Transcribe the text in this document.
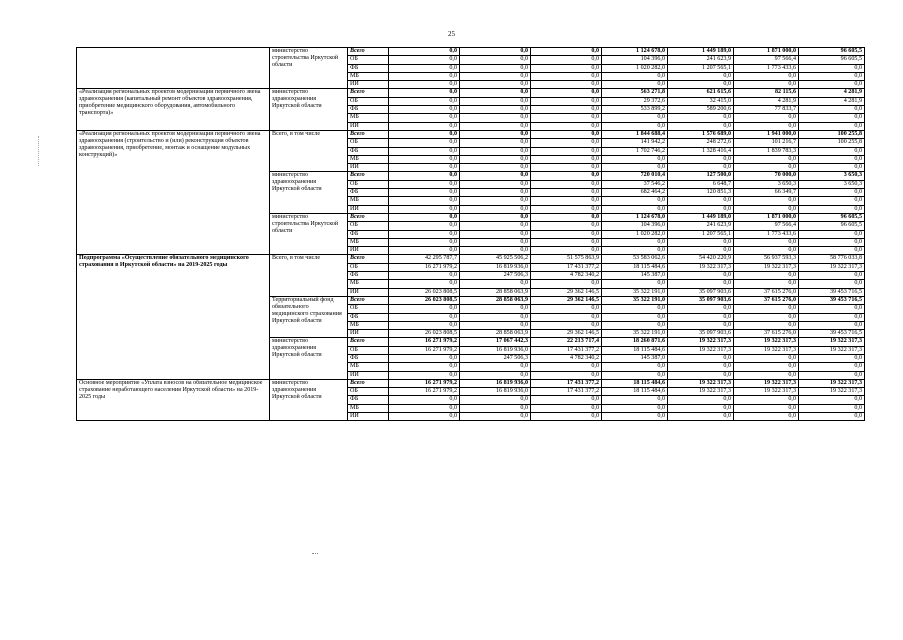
25
	министерство строительства Иркутской области	Всего	0,0	0,0	0,0	1 124 678,0	1 449 189,0	1 871 000,0	96 605,5
		ОБ	0,0	0,0	0,0	104 396,0	241 623,9	97 566,4	96 605,5
		ФБ	0,0	0,0	0,0	1 020 282,0	1 207 565,1	1 773 433,6	0,0
		МБ	0,0	0,0	0,0	0,0	0,0	0,0	0,0
		ИИ	0,0	0,0	0,0	0,0	0,0	0,0	0,0
«Реализация региональных проектов модернизации первичного звена здравоохранения (капитальный ремонт объектов здравоохранения, приобретение медицинского оборудования, автомобильного транспорта)»	министерство здравоохранения Иркутской области	Всего	0,0	0,0	0,0	563 271,8	621 615,6	82 115,6	4 281,9
		ОБ	0,0	0,0	0,0	29 372,6	32 415,0	4 281,9	4 281,9
		ФБ	0,0	0,0	0,0	533 899,2	589 200,6	77 833,7	0,0
		МБ	0,0	0,0	0,0	0,0	0,0	0,0	0,0
		ИИ	0,0	0,0	0,0	0,0	0,0	0,0	0,0
«Реализация региональных проектов модернизации первичного звена здравоохранения (строительство и (или) реконструкция объектов здравоохранения, приобретение, монтаж и оснащение модульных конструкций)»	Всего, в том числе	Всего	0,0	0,0	0,0	1 844 688,4	1 576 689,0	1 941 000,0	100 255,8
		ОБ	0,0	0,0	0,0	141 942,2	248 272,6	101 216,7	100 255,8
		ФБ	0,0	0,0	0,0	1 702 746,2	1 328 416,4	1 839 783,3	0,0
		МБ	0,0	0,0	0,0	0,0	0,0	0,0	0,0
		ИИ	0,0	0,0	0,0	0,0	0,0	0,0	0,0
	министерство здравоохранения Иркутской области	Всего	0,0	0,0	0,0	720 010,4	127 500,0	70 000,0	3 650,3
		ОБ	0,0	0,0	0,0	37 546,2	6 648,7	3 650,3	3 650,3
		ФБ	0,0	0,0	0,0	682 464,2	120 851,3	66 349,7	0,0
		МБ	0,0	0,0	0,0	0,0	0,0	0,0	0,0
		ИИ	0,0	0,0	0,0	0,0	0,0	0,0	0,0
	министерство строительства Иркутской области	Всего	0,0	0,0	0,0	1 124 678,0	1 449 189,0	1 871 000,0	96 605,5
		ОБ	0,0	0,0	0,0	104 396,0	241 623,9	97 566,4	96 605,5
		ФБ	0,0	0,0	0,0	1 020 282,0	1 207 565,1	1 773 433,6	0,0
		МБ	0,0	0,0	0,0	0,0	0,0	0,0	0,0
		ИИ	0,0	0,0	0,0	0,0	0,0	0,0	0,0
Подпрограмма «Осуществление обязательного медицинского страхования в Иркутской области» на 2019-2025 годы	Всего, в том числе	Всего	42 295 787,7	45 925 506,2	51 575 863,9	53 583 062,6	54 420 220,9	56 937 593,3	58 776 033,8
		ОБ	16 271 979,2	16 819 936,0	17 431 377,2	18 115 484,6	19 322 317,3	19 322 317,3	19 322 317,3
		ФБ	0,0	247 506,3	4 782 340,2	145 387,0	0,0	0,0	0,0
		МБ	0,0	0,0	0,0	0,0	0,0	0,0	0,0
		ИИ	26 023 808,5	28 858 063,9	29 362 146,5	35 322 191,0	35 097 903,6	37 615 276,0	39 453 716,5
	Территориальный фонд обязательного медицинского страхования Иркутской области	Всего	26 023 808,5	28 858 063,9	29 362 146,5	35 322 191,0	35 097 903,6	37 615 276,0	39 453 716,5
		ОБ	0,0	0,0	0,0	0,0	0,0	0,0	0,0
		ФБ	0,0	0,0	0,0	0,0	0,0	0,0	0,0
		МБ	0,0	0,0	0,0	0,0	0,0	0,0	0,0
		ИИ	26 023 808,5	28 858 063,9	29 362 146,5	35 322 191,0	35 097 903,6	37 615 276,0	39 453 716,5
	министерство здравоохранения Иркутской области	Всего	16 271 979,2	17 067 442,3	22 213 717,4	18 260 871,6	19 322 317,3	19 322 317,3	19 322 317,3
		ОБ	16 271 979,2	16 819 936,0	17 431 377,2	18 115 484,6	19 322 317,3	19 322 317,3	19 322 317,3
		ФБ	0,0	247 506,3	4 782 340,2	145 387,0	0,0	0,0	0,0
		МБ	0,0	0,0	0,0	0,0	0,0	0,0	0,0
		ИИ	0,0	0,0	0,0	0,0	0,0	0,0	0,0
Основное мероприятие «Уплата взносов на обязательное медицинское страхование неработающего населения Иркутской области» на 2019-2025 годы	министерство здравоохранения Иркутской области	Всего	16 271 979,2	16 819 936,0	17 431 377,2	18 115 484,6	19 322 317,3	19 322 317,3	19 322 317,3
		ОБ	16 271 979,2	16 819 936,0	17 431 377,2	18 115 484,6	19 322 317,3	19 322 317,3	19 322 317,3
		ФБ	0,0	0,0	0,0	0,0	0,0	0,0	0,0
		МБ	0,0	0,0	0,0	0,0	0,0	0,0	0,0
		ИИ	0,0	0,0	0,0	0,0	0,0	0,0	0,0
